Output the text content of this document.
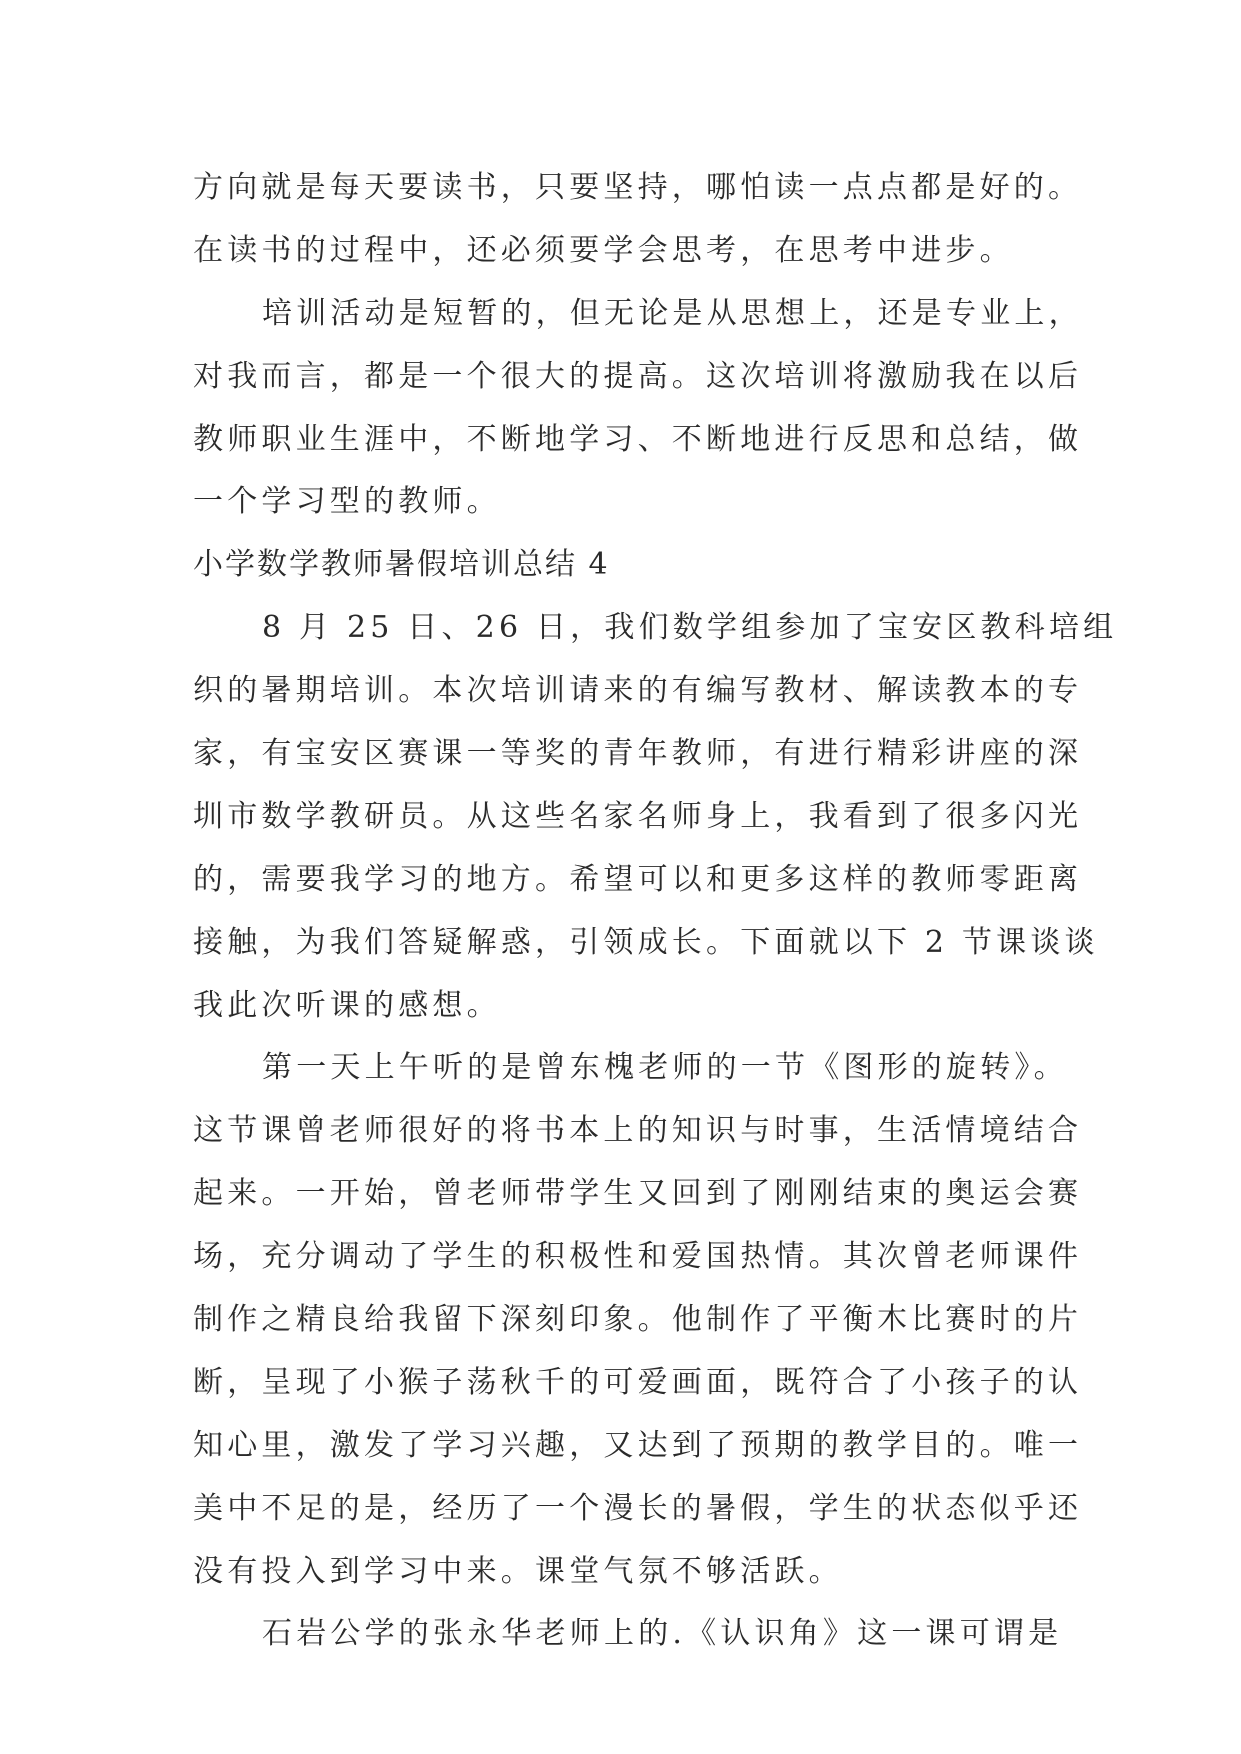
方向就是每天要读书，只要坚持，哪怕读一点点都是好的。
在读书的过程中，还必须要学会思考，在思考中进步。
培训活动是短暂的，但无论是从思想上，还是专业上，
对我而言，都是一个很大的提高。这次培训将激励我在以后
教师职业生涯中，不断地学习、不断地进行反思和总结，做
一个学习型的教师。
小学数学教师暑假培训总结 4
8 月 25 日、26 日，我们数学组参加了宝安区教科培组
织的暑期培训。本次培训请来的有编写教材、解读教本的专
家，有宝安区赛课一等奖的青年教师，有进行精彩讲座的深
圳市数学教研员。从这些名家名师身上，我看到了很多闪光
的，需要我学习的地方。希望可以和更多这样的教师零距离
接触，为我们答疑解惑，引领成长。下面就以下 2 节课谈谈
我此次听课的感想。
第一天上午听的是曾东槐老师的一节《图形的旋转》。
这节课曾老师很好的将书本上的知识与时事，生活情境结合
起来。一开始，曾老师带学生又回到了刚刚结束的奥运会赛
场，充分调动了学生的积极性和爱国热情。其次曾老师课件
制作之精良给我留下深刻印象。他制作了平衡木比赛时的片
断，呈现了小猴子荡秋千的可爱画面，既符合了小孩子的认
知心里，激发了学习兴趣，又达到了预期的教学目的。唯一
美中不足的是，经历了一个漫长的暑假，学生的状态似乎还
没有投入到学习中来。课堂气氛不够活跃。
石岩公学的张永华老师上的.《认识角》这一课可谓是
